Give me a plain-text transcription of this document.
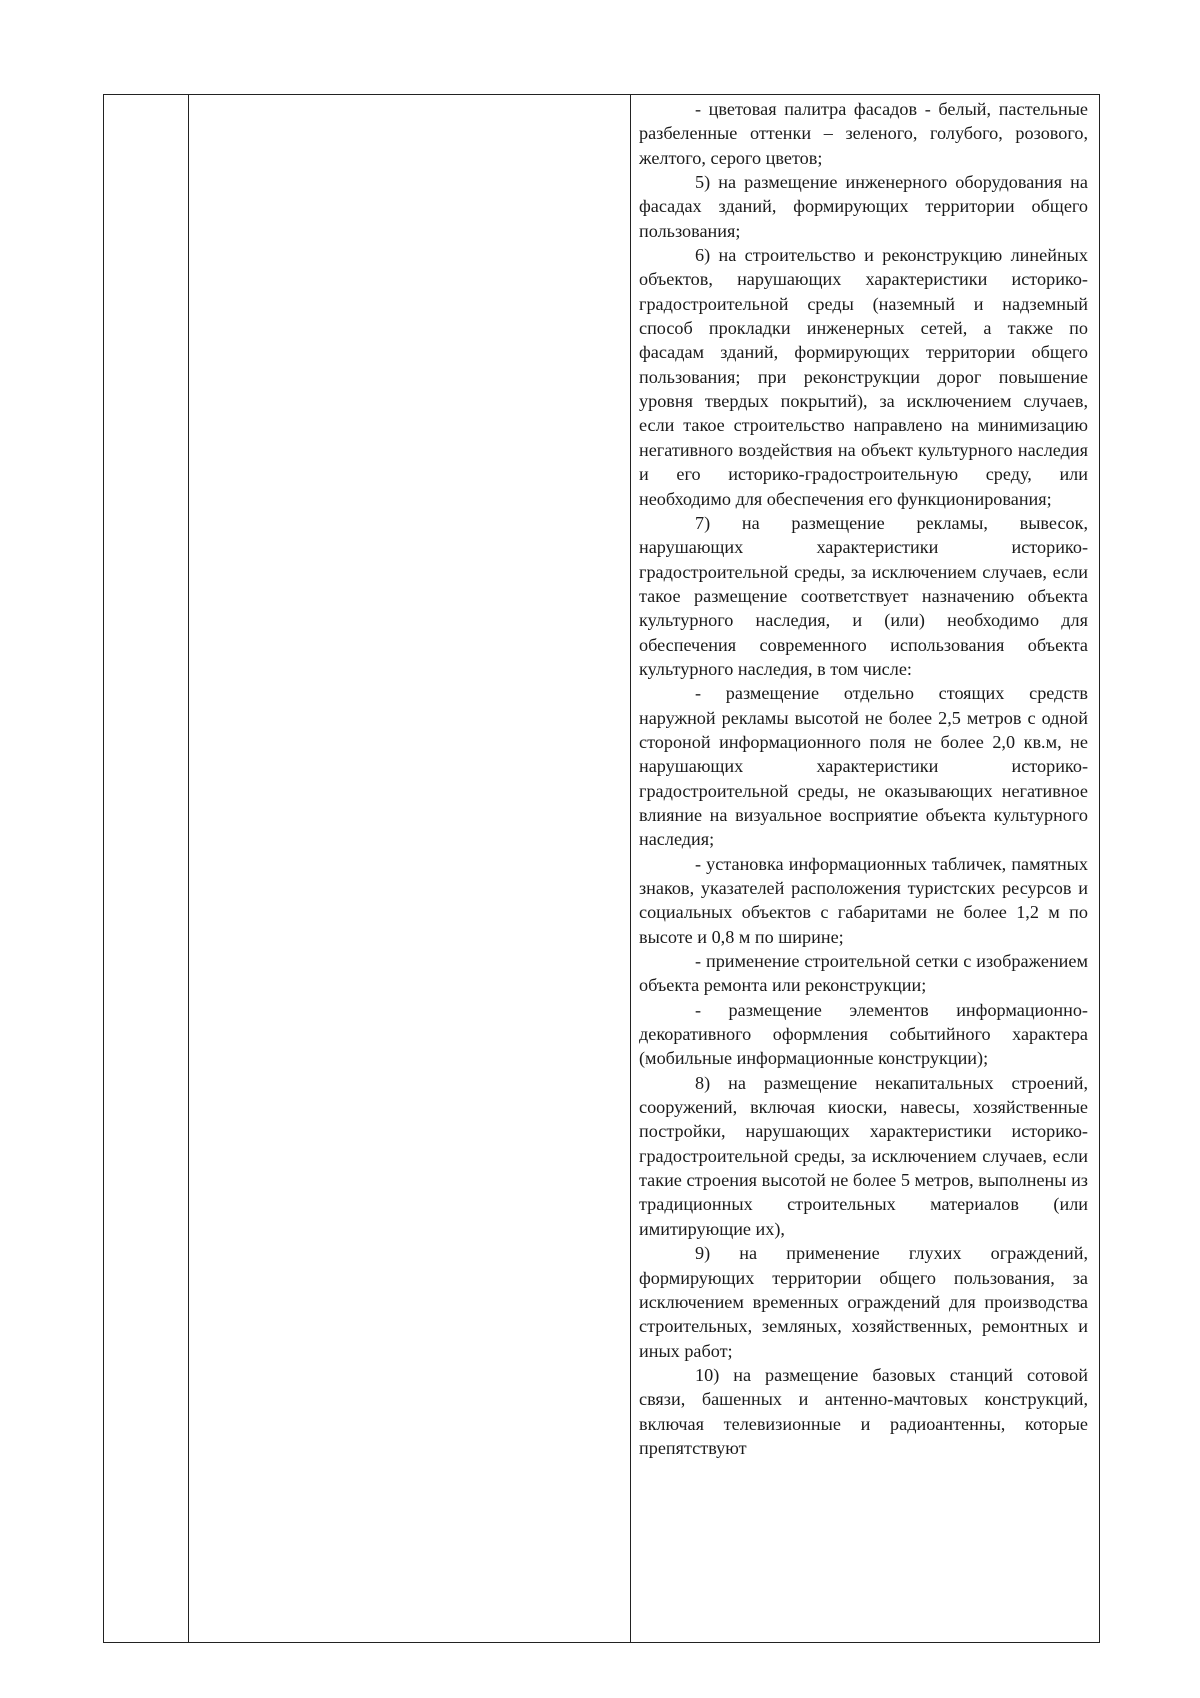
- цветовая палитра фасадов - белый, пастельные разбеленные оттенки – зеленого, голубого, розового, желтого, серого цветов;

5) на размещение инженерного оборудования на фасадах зданий, формирующих территории общего пользования;

6) на строительство и реконструкцию линейных объектов, нарушающих характеристики историко-градостроительной среды (наземный и надземный способ прокладки инженерных сетей, а также по фасадам зданий, формирующих территории общего пользования; при реконструкции дорог повышение уровня твердых покрытий), за исключением случаев, если такое строительство направлено на минимизацию негативного воздействия на объект культурного наследия и его историко-градостроительную среду, или необходимо для обеспечения его функционирования;

7) на размещение рекламы, вывесок, нарушающих характеристики историко-градостроительной среды, за исключением случаев, если такое размещение соответствует назначению объекта культурного наследия, и (или) необходимо для обеспечения современного использования объекта культурного наследия, в том числе:

- размещение отдельно стоящих средств наружной рекламы высотой не более 2,5 метров с одной стороной информационного поля не более 2,0 кв.м, не нарушающих характеристики историко-градостроительной среды, не оказывающих негативное влияние на визуальное восприятие объекта культурного наследия;

- установка информационных табличек, памятных знаков, указателей расположения туристских ресурсов и социальных объектов с габаритами не более 1,2 м по высоте и 0,8 м по ширине;

- применение строительной сетки с изображением объекта ремонта или реконструкции;

- размещение элементов информационно-декоративного оформления событийного характера (мобильные информационные конструкции);

8) на размещение некапитальных строений, сооружений, включая киоски, навесы, хозяйственные постройки, нарушающих характеристики историко-градостроительной среды, за исключением случаев, если такие строения высотой не более 5 метров, выполнены из традиционных строительных материалов (или имитирующие их),

9) на применение глухих ограждений, формирующих территории общего пользования, за исключением временных ограждений для производства строительных, земляных, хозяйственных, ремонтных и иных работ;

10) на размещение базовых станций сотовой связи, башенных и антенно-мачтовых конструкций, включая телевизионные и радиоантенны, которые препятствуют
